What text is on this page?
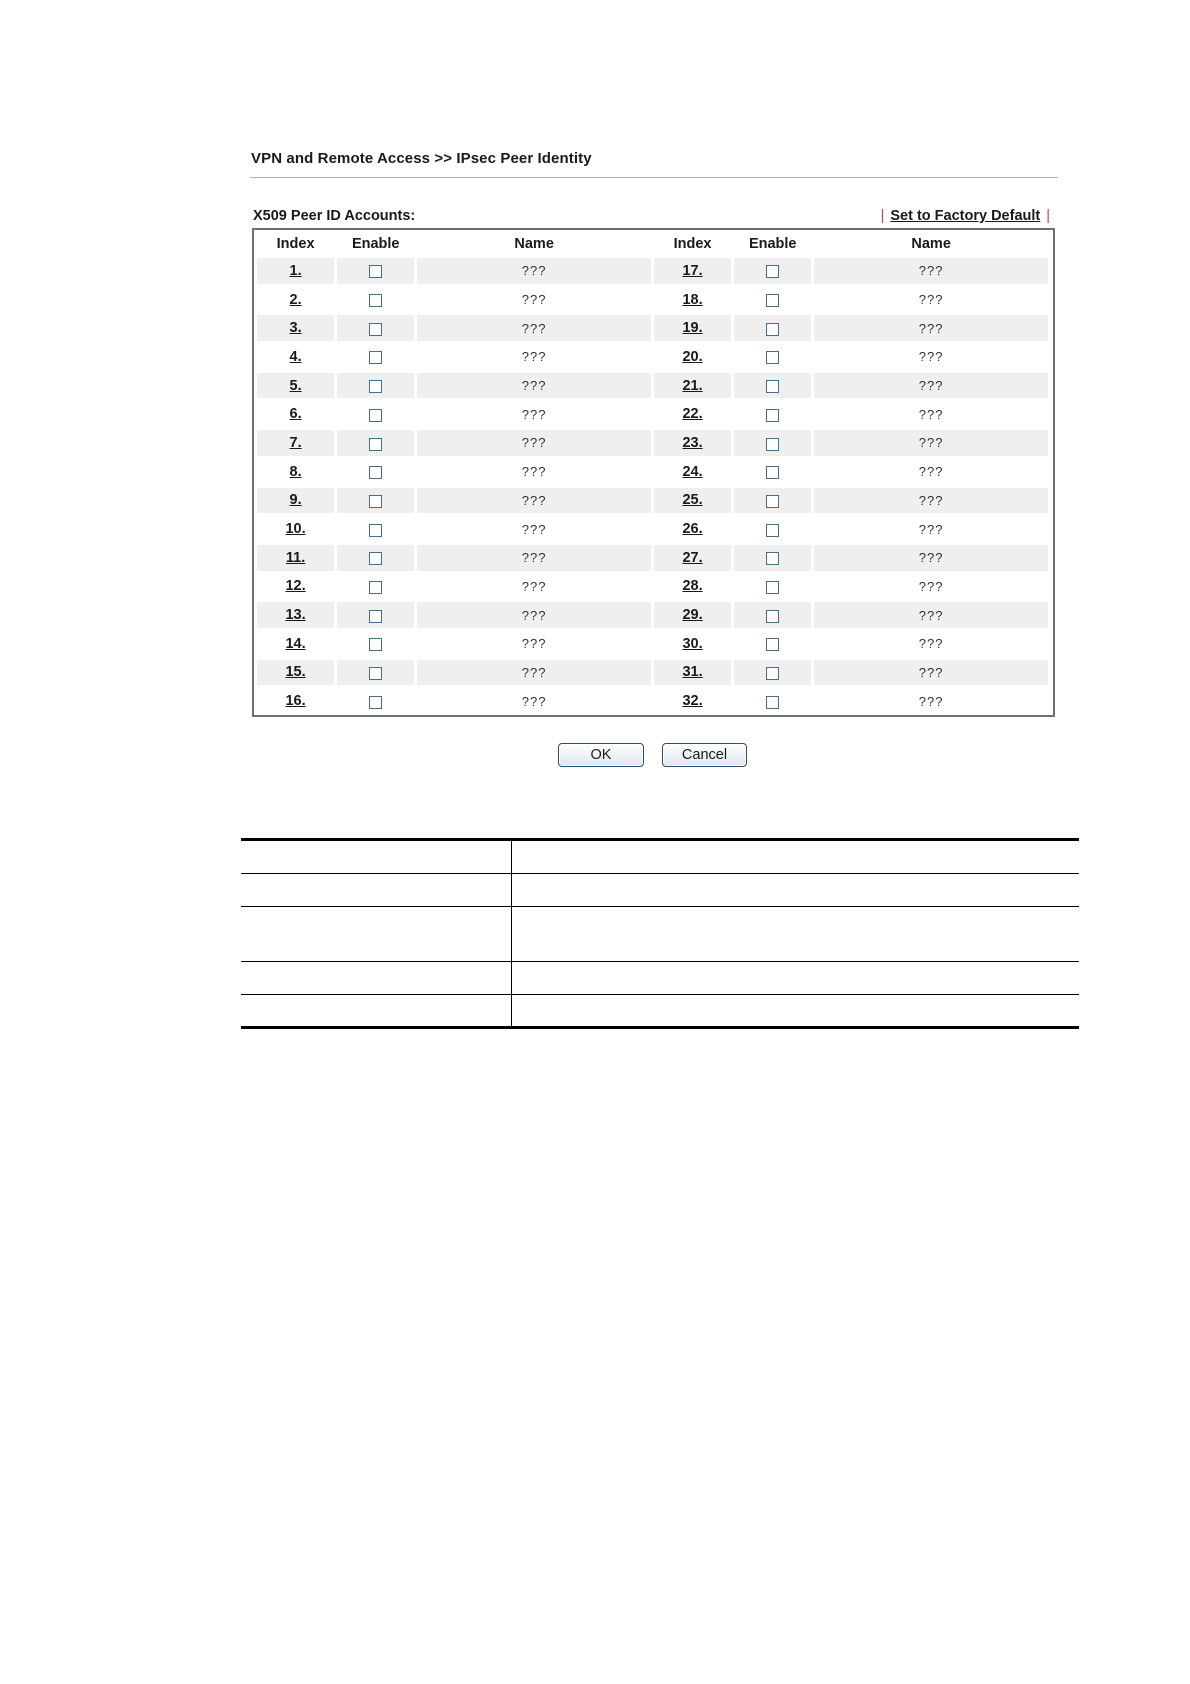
VPN and Remote Access >> IPsec Peer Identity
X509 Peer ID Accounts:	| Set to Factory Default |
Index	Enable	Name	Index	Enable	Name
1.		???	17.		???
2.		???	18.		???
3.		???	19.		???
4.		???	20.		???
5.		???	21.		???
6.		???	22.		???
7.		???	23.		???
8.		???	24.		???
9.		???	25.		???
10.		???	26.		???
11.		???	27.		???
12.		???	28.		???
13.		???	29.		???
14.		???	30.		???
15.		???	31.		???
16.		???	32.		???
OK	Cancel
